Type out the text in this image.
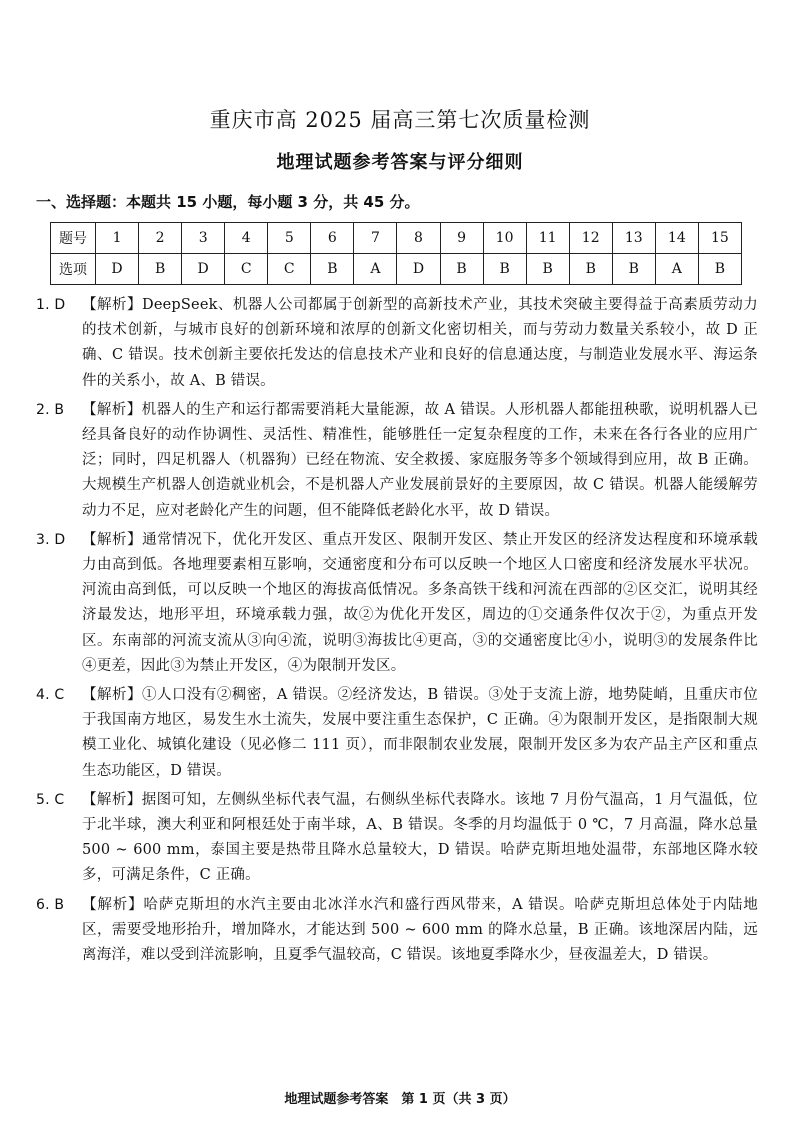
重庆市高 2025 届高三第七次质量检测
地理试题参考答案与评分细则
一、选择题：本题共 15 小题，每小题 3 分，共 45 分。
题号	1	2	3	4	5	6	7	8	9	10	11	12	13	14	15
选项	D	B	D	C	C	B	A	D	B	B	B	B	B	A	B
1. D	【解析】DeepSeek、机器人公司都属于创新型的高新技术产业，其技术突破主要得益于高素质劳动力的技术创新，与城市良好的创新环境和浓厚的创新文化密切相关，而与劳动力数量关系较小，故 D 正确、C 错误。技术创新主要依托发达的信息技术产业和良好的信息通达度，与制造业发展水平、海运条件的关系小，故 A、B 错误。
2. B	【解析】机器人的生产和运行都需要消耗大量能源，故 A 错误。人形机器人都能扭秧歌，说明机器人已经具备良好的动作协调性、灵活性、精准性，能够胜任一定复杂程度的工作，未来在各行各业的应用广泛；同时，四足机器人（机器狗）已经在物流、安全救援、家庭服务等多个领域得到应用，故 B 正确。大规模生产机器人创造就业机会，不是机器人产业发展前景好的主要原因，故 C 错误。机器人能缓解劳动力不足，应对老龄化产生的问题，但不能降低老龄化水平，故 D 错误。
3. D	【解析】通常情况下，优化开发区、重点开发区、限制开发区、禁止开发区的经济发达程度和环境承载力由高到低。各地理要素相互影响，交通密度和分布可以反映一个地区人口密度和经济发展水平状况。河流由高到低，可以反映一个地区的海拔高低情况。多条高铁干线和河流在西部的②区交汇，说明其经济最发达，地形平坦，环境承载力强，故②为优化开发区，周边的①交通条件仅次于②，为重点开发区。东南部的河流支流从③向④流，说明③海拔比④更高，③的交通密度比④小，说明③的发展条件比④更差，因此③为禁止开发区，④为限制开发区。
4. C	【解析】①人口没有②稠密，A 错误。②经济发达，B 错误。③处于支流上游，地势陡峭，且重庆市位于我国南方地区，易发生水土流失，发展中要注重生态保护，C 正确。④为限制开发区，是指限制大规模工业化、城镇化建设（见必修二 111 页），而非限制农业发展，限制开发区多为农产品主产区和重点生态功能区，D 错误。
5. C	【解析】据图可知，左侧纵坐标代表气温，右侧纵坐标代表降水。该地 7 月份气温高，1 月气温低，位于北半球，澳大利亚和阿根廷处于南半球，A、B 错误。冬季的月均温低于 0 ℃，7 月高温，降水总量 500 ~ 600 mm，泰国主要是热带且降水总量较大，D 错误。哈萨克斯坦地处温带，东部地区降水较多，可满足条件，C 正确。
6. B	【解析】哈萨克斯坦的水汽主要由北冰洋水汽和盛行西风带来，A 错误。哈萨克斯坦总体处于内陆地区，需要受地形抬升，增加降水，才能达到 500 ~ 600 mm 的降水总量，B 正确。该地深居内陆，远离海洋，难以受到洋流影响，且夏季气温较高，C 错误。该地夏季降水少，昼夜温差大，D 错误。
地理试题参考答案　第 1 页（共 3 页）
